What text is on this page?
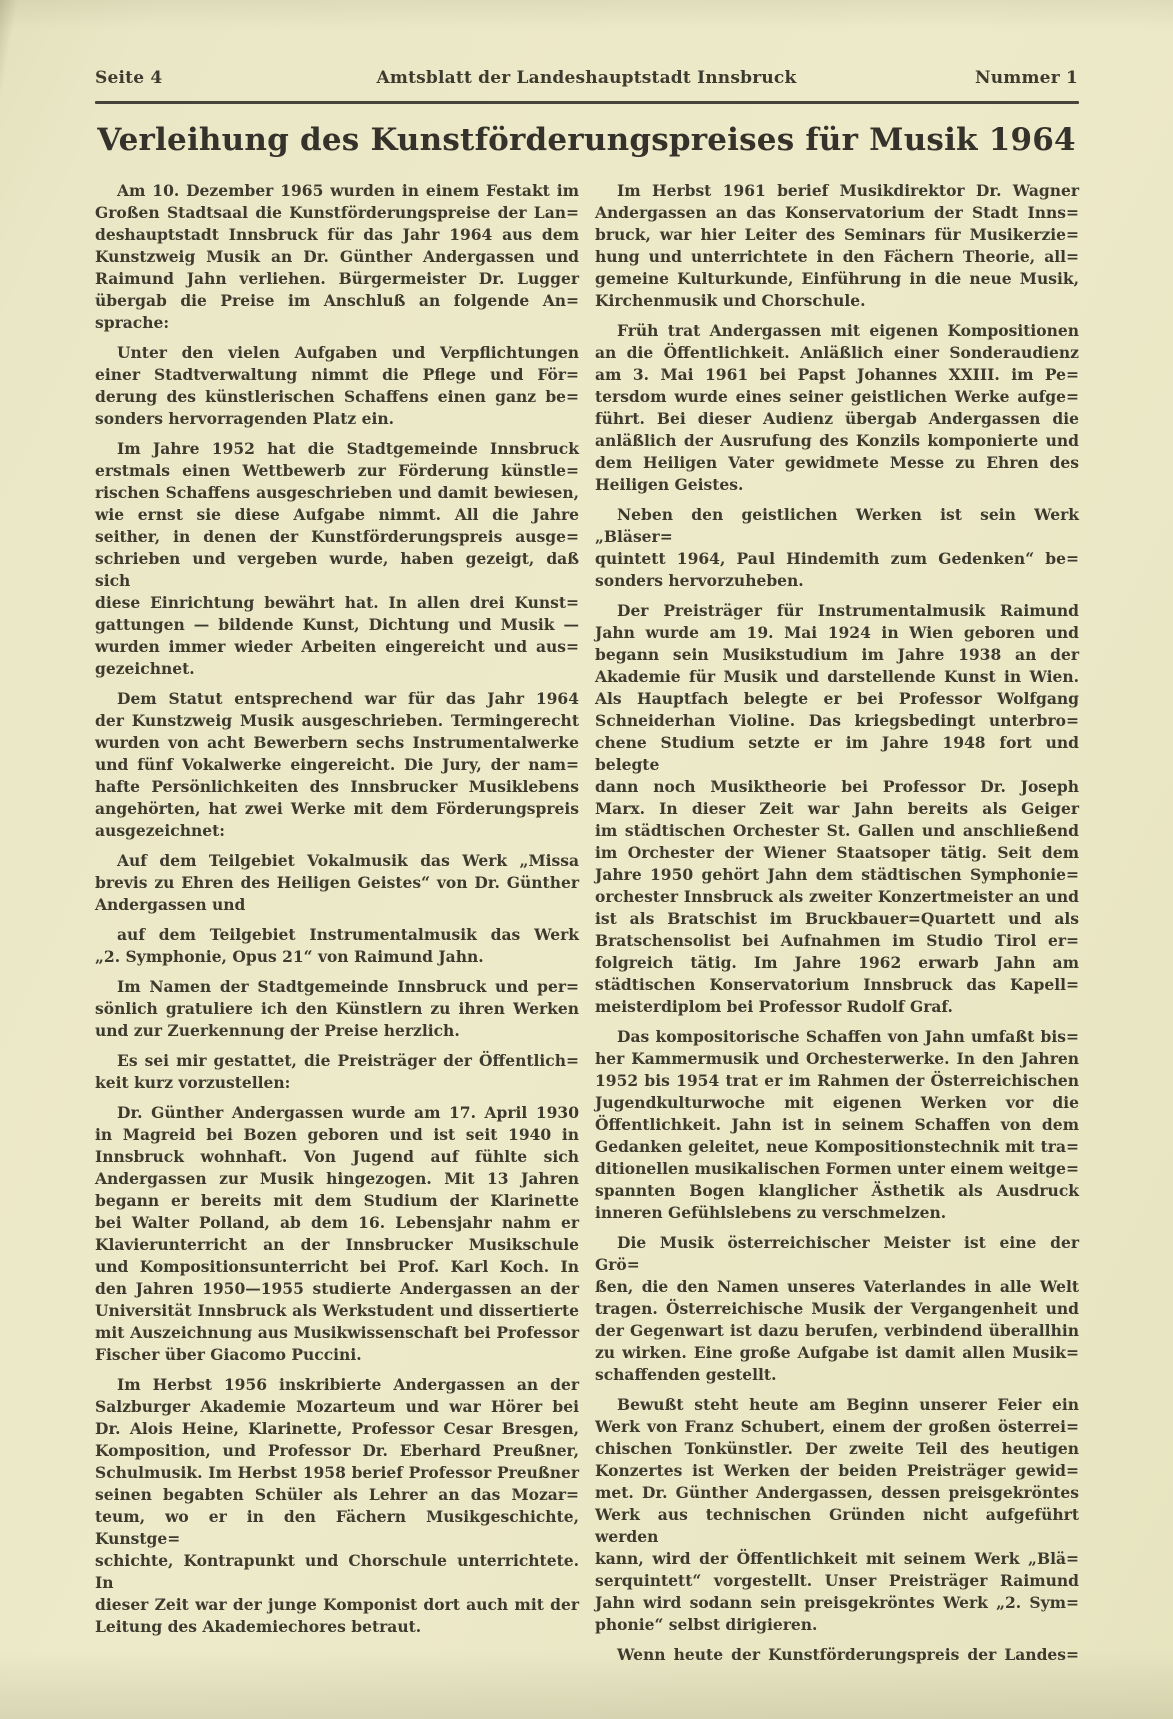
Seite 4	Amtsblatt der Landeshauptstadt Innsbruck	Nummer 1
Verleihung des Kunstförderungspreises für Musik 1964

Am 10. Dezember 1965 wurden in einem Festakt im
Großen Stadtsaal die Kunstförderungspreise der Lan=
deshauptstadt Innsbruck für das Jahr 1964 aus dem
Kunstzweig Musik an Dr. Günther Andergassen und
Raimund Jahn verliehen. Bürgermeister Dr. Lugger
übergab die Preise im Anschluß an folgende An=
sprache:

Unter den vielen Aufgaben und Verpflichtungen
einer Stadtverwaltung nimmt die Pflege und För=
derung des künstlerischen Schaffens einen ganz be=
sonders hervorragenden Platz ein.

Im Jahre 1952 hat die Stadtgemeinde Innsbruck
erstmals einen Wettbewerb zur Förderung künstle=
rischen Schaffens ausgeschrieben und damit bewiesen,
wie ernst sie diese Aufgabe nimmt. All die Jahre
seither, in denen der Kunstförderungspreis ausge=
schrieben und vergeben wurde, haben gezeigt, daß sich
diese Einrichtung bewährt hat. In allen drei Kunst=
gattungen — bildende Kunst, Dichtung und Musik —
wurden immer wieder Arbeiten eingereicht und aus=
gezeichnet.

Dem Statut entsprechend war für das Jahr 1964
der Kunstzweig Musik ausgeschrieben. Termingerecht
wurden von acht Bewerbern sechs Instrumentalwerke
und fünf Vokalwerke eingereicht. Die Jury, der nam=
hafte Persönlichkeiten des Innsbrucker Musiklebens
angehörten, hat zwei Werke mit dem Förderungspreis
ausgezeichnet:

Auf dem Teilgebiet Vokalmusik das Werk „Missa
brevis zu Ehren des Heiligen Geistes“ von Dr. Günther
Andergassen und

auf dem Teilgebiet Instrumentalmusik das Werk
„2. Symphonie, Opus 21“ von Raimund Jahn.

Im Namen der Stadtgemeinde Innsbruck und per=
sönlich gratuliere ich den Künstlern zu ihren Werken
und zur Zuerkennung der Preise herzlich.

Es sei mir gestattet, die Preisträger der Öffentlich=
keit kurz vorzustellen:

Dr. Günther Andergassen wurde am 17. April 1930
in Magreid bei Bozen geboren und ist seit 1940 in
Innsbruck wohnhaft. Von Jugend auf fühlte sich
Andergassen zur Musik hingezogen. Mit 13 Jahren
begann er bereits mit dem Studium der Klarinette
bei Walter Polland, ab dem 16. Lebensjahr nahm er
Klavierunterricht an der Innsbrucker Musikschule
und Kompositionsunterricht bei Prof. Karl Koch. In
den Jahren 1950—1955 studierte Andergassen an der
Universität Innsbruck als Werkstudent und dissertierte
mit Auszeichnung aus Musikwissenschaft bei Professor
Fischer über Giacomo Puccini.

Im Herbst 1956 inskribierte Andergassen an der
Salzburger Akademie Mozarteum und war Hörer bei
Dr. Alois Heine, Klarinette, Professor Cesar Bresgen,
Komposition, und Professor Dr. Eberhard Preußner,
Schulmusik. Im Herbst 1958 berief Professor Preußner
seinen begabten Schüler als Lehrer an das Mozar=
teum, wo er in den Fächern Musikgeschichte, Kunstge=
schichte, Kontrapunkt und Chorschule unterrichtete. In
dieser Zeit war der junge Komponist dort auch mit der
Leitung des Akademiechores betraut.

Im Herbst 1961 berief Musikdirektor Dr. Wagner
Andergassen an das Konservatorium der Stadt Inns=
bruck, war hier Leiter des Seminars für Musikerzie=
hung und unterrichtete in den Fächern Theorie, all=
gemeine Kulturkunde, Einführung in die neue Musik,
Kirchenmusik und Chorschule.

Früh trat Andergassen mit eigenen Kompositionen
an die Öffentlichkeit. Anläßlich einer Sonderaudienz
am 3. Mai 1961 bei Papst Johannes XXIII. im Pe=
tersdom wurde eines seiner geistlichen Werke aufge=
führt. Bei dieser Audienz übergab Andergassen die
anläßlich der Ausrufung des Konzils komponierte und
dem Heiligen Vater gewidmete Messe zu Ehren des
Heiligen Geistes.

Neben den geistlichen Werken ist sein Werk „Bläser=
quintett 1964, Paul Hindemith zum Gedenken“ be=
sonders hervorzuheben.

Der Preisträger für Instrumentalmusik Raimund
Jahn wurde am 19. Mai 1924 in Wien geboren und
begann sein Musikstudium im Jahre 1938 an der
Akademie für Musik und darstellende Kunst in Wien.
Als Hauptfach belegte er bei Professor Wolfgang
Schneiderhan Violine. Das kriegsbedingt unterbro=
chene Studium setzte er im Jahre 1948 fort und belegte
dann noch Musiktheorie bei Professor Dr. Joseph
Marx. In dieser Zeit war Jahn bereits als Geiger
im städtischen Orchester St. Gallen und anschließend
im Orchester der Wiener Staatsoper tätig. Seit dem
Jahre 1950 gehört Jahn dem städtischen Symphonie=
orchester Innsbruck als zweiter Konzertmeister an und
ist als Bratschist im Bruckbauer=Quartett und als
Bratschensolist bei Aufnahmen im Studio Tirol er=
folgreich tätig. Im Jahre 1962 erwarb Jahn am
städtischen Konservatorium Innsbruck das Kapell=
meisterdiplom bei Professor Rudolf Graf.

Das kompositorische Schaffen von Jahn umfaßt bis=
her Kammermusik und Orchesterwerke. In den Jahren
1952 bis 1954 trat er im Rahmen der Österreichischen
Jugendkulturwoche mit eigenen Werken vor die
Öffentlichkeit. Jahn ist in seinem Schaffen von dem
Gedanken geleitet, neue Kompositionstechnik mit tra=
ditionellen musikalischen Formen unter einem weitge=
spannten Bogen klanglicher Ästhetik als Ausdruck
inneren Gefühlslebens zu verschmelzen.

Die Musik österreichischer Meister ist eine der Grö=
ßen, die den Namen unseres Vaterlandes in alle Welt
tragen. Österreichische Musik der Vergangenheit und
der Gegenwart ist dazu berufen, verbindend überallhin
zu wirken. Eine große Aufgabe ist damit allen Musik=
schaffenden gestellt.

Bewußt steht heute am Beginn unserer Feier ein
Werk von Franz Schubert, einem der großen österrei=
chischen Tonkünstler. Der zweite Teil des heutigen
Konzertes ist Werken der beiden Preisträger gewid=
met. Dr. Günther Andergassen, dessen preisgekröntes
Werk aus technischen Gründen nicht aufgeführt werden
kann, wird der Öffentlichkeit mit seinem Werk „Blä=
serquintett“ vorgestellt. Unser Preisträger Raimund
Jahn wird sodann sein preisgekröntes Werk „2. Sym=
phonie“ selbst dirigieren.

Wenn heute der Kunstförderungspreis der Landes=
